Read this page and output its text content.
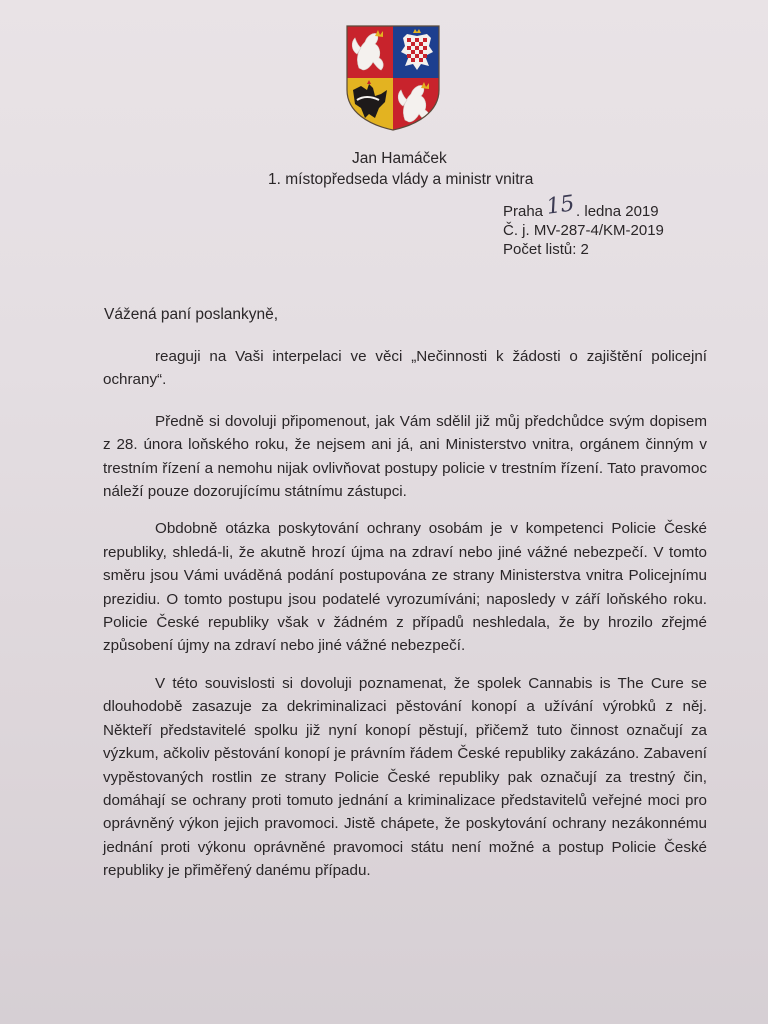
Jan Hamáček
1. místopředseda vlády a ministr vnitra
Praha15. ledna 2019
Č. j. MV-287-4/KM-2019
Počet listů: 2
Vážená paní poslankyně,

reaguji na Vaši interpelaci ve věci „Nečinnosti k žádosti o zajištění policejní ochrany“.

Předně si dovoluji připomenout, jak Vám sdělil již můj předchůdce svým dopisem z 28. února loňského roku, že nejsem ani já, ani Ministerstvo vnitra, orgánem činným v trestním řízení a nemohu nijak ovlivňovat postupy policie v trestním řízení. Tato pravomoc náleží pouze dozorujícímu státnímu zástupci.

Obdobně otázka poskytování ochrany osobám je v kompetenci Policie České republiky, shledá-li, že akutně hrozí újma na zdraví nebo jiné vážné nebezpečí. V tomto směru jsou Vámi uváděná podání postupována ze strany Ministerstva vnitra Policejnímu prezidiu. O tomto postupu jsou podatelé vyrozumíváni; naposledy v září loňského roku. Policie České republiky však v žádném z případů neshledala, že by hrozilo zřejmé způsobení újmy na zdraví nebo jiné vážné nebezpečí.

V této souvislosti si dovoluji poznamenat, že spolek Cannabis is The Cure se dlouhodobě zasazuje za dekriminalizaci pěstování konopí a užívání výrobků z něj. Někteří představitelé spolku již nyní konopí pěstují, přičemž tuto činnost označují za výzkum, ačkoliv pěstování konopí je právním řádem České republiky zakázáno. Zabavení vypěstovaných rostlin ze strany Policie České republiky pak označují za trestný čin, domáhají se ochrany proti tomuto jednání a kriminalizace představitelů veřejné moci pro oprávněný výkon jejich pravomoci. Jistě chápete, že poskytování ochrany nezákonnému jednání proti výkonu oprávněné pravomoci státu není možné a postup Policie České republiky je přiměřený danému případu.
